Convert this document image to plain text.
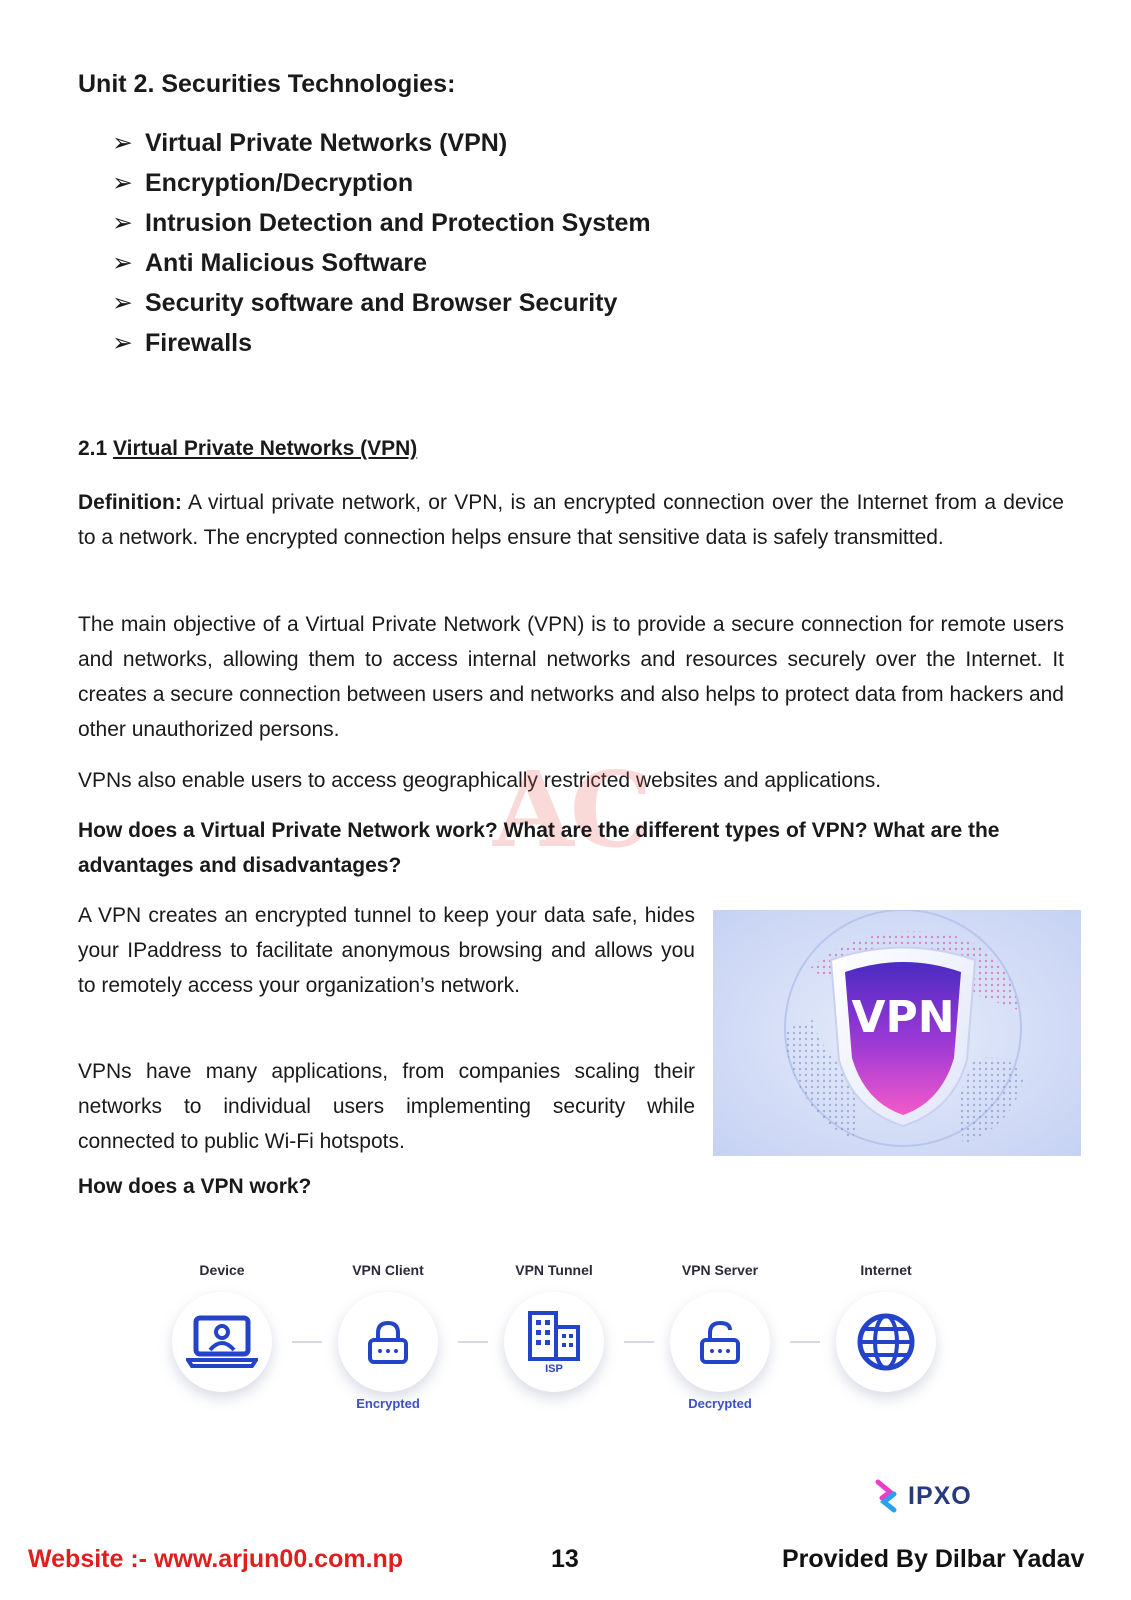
Unit 2. Securities Technologies:
➢ Virtual Private Networks (VPN)
➢ Encryption/Decryption
➢ Intrusion Detection and Protection System
➢ Anti Malicious Software
➢ Security software and Browser Security
➢ Firewalls
2.1 Virtual Private Networks (VPN)

Definition: A virtual private network, or VPN, is an encrypted connection over the Internet from a device to a network. The encrypted connection helps ensure that sensitive data is safely transmitted.

The main objective of a Virtual Private Network (VPN) is to provide a secure connection for remote users and networks, allowing them to access internal networks and resources securely over the Internet. It creates a secure connection between users and networks and also helps to protect data from hackers and other unauthorized persons.

VPNs also enable users to access geographically restricted websites and applications.

AC

How does a Virtual Private Network work? What are the different types of VPN? What are the advantages and disadvantages?

A VPN creates an encrypted tunnel to keep your data safe, hides your IPaddress to facilitate anonymous browsing and allows you to remotely access your organization’s network.

VPNs have many applications, from companies scaling their networks to individual users implementing security while connected to public Wi-Fi hotspots.

VPN
How does a VPN work?
Device	VPN Client
Encrypted
VPN Tunnel
ISP
VPN Server
Decrypted
Internet
IPXO
Website :- www.arjun00.com.np	13	Provided By Dilbar Yadav
